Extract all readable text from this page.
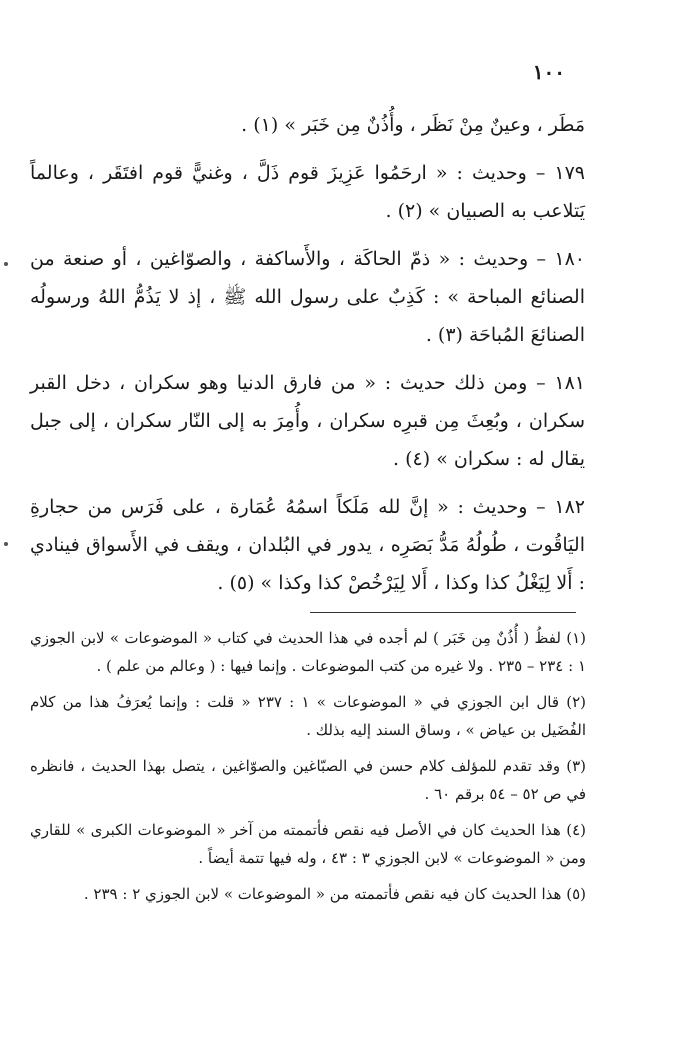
١٠٠

مَطَر ، وعينٌ مِنْ نَظَر ، وأُذُنٌ مِن خَبَر » (١) .

١٧٩ – وحديث : « ارحَمُوا عَزِيزَ قوم ذَلَّ ، وغنيًّ قوم افتَقَر ، وعالماً يَتلاعب به الصبيان » (٢) .

١٨٠ – وحديث : « ذمّ الحاكَة ، والأَساكفة ، والصوّاغين ، أو صنعة من الصنائع المباحة » : كَذِبٌ على رسول الله ﷺ ، إذ لا يَذُمُّ اللهُ ورسولُه الصنائعَ المُباحَة (٣) .

١٨١ – ومن ذلك حديث : « من فارق الدنيا وهو سكران ، دخل القبر سكران ، وبُعِثَ مِن قبرِه سكران ، وأُمِرَ به إلى النّار سكران ، إلى جبل يقال له : سكران » (٤) .

١٨٢ – وحديث : « إنَّ لله مَلَكاً اسمُهُ عُمَارة ، على فَرَس من حجارةِ اليَاقُوت ، طُولُهُ مَدُّ بَصَرِه ، يدور في البُلدان ، ويقف في الأَسواق فينادي : أَلا لِيَغْلُ كذا وكذا ، أَلا لِيَرْخُصْ كذا وكذا » (٥) .

(١) لفظُ ( أُذُنٌ مِن خَبَر ) لم أجده في هذا الحديث في كتاب « الموضوعات » لابن الجوزي ١ : ٢٣٤ – ٢٣٥ . ولا غيره من كتب الموضوعات . وإنما فيها : ( وعالم من علم ) .

(٢) قال ابن الجوزي في « الموضوعات » ١ : ٢٣٧ « قلت : وإنما يُعرَفُ هذا من كلام الفُضَيل بن عياض » ، وساق السند إليه بذلك .

(٣) وقد تقدم للمؤلف كلام حسن في الصبّاغين والصوّاغين ، يتصل بهذا الحديث ، فانظره في ص ٥٢ – ٥٤ برقم ٦٠ .

(٤) هذا الحديث كان في الأصل فيه نقص فأتممته من آخر « الموضوعات الكبرى » للقاري ومن « الموضوعات » لابن الجوزي ٣ : ٤٣ ، وله فيها تتمة أيضاً .

(٥) هذا الحديث كان فيه نقص فأتممته من « الموضوعات » لابن الجوزي ٢ : ٢٣٩ .
